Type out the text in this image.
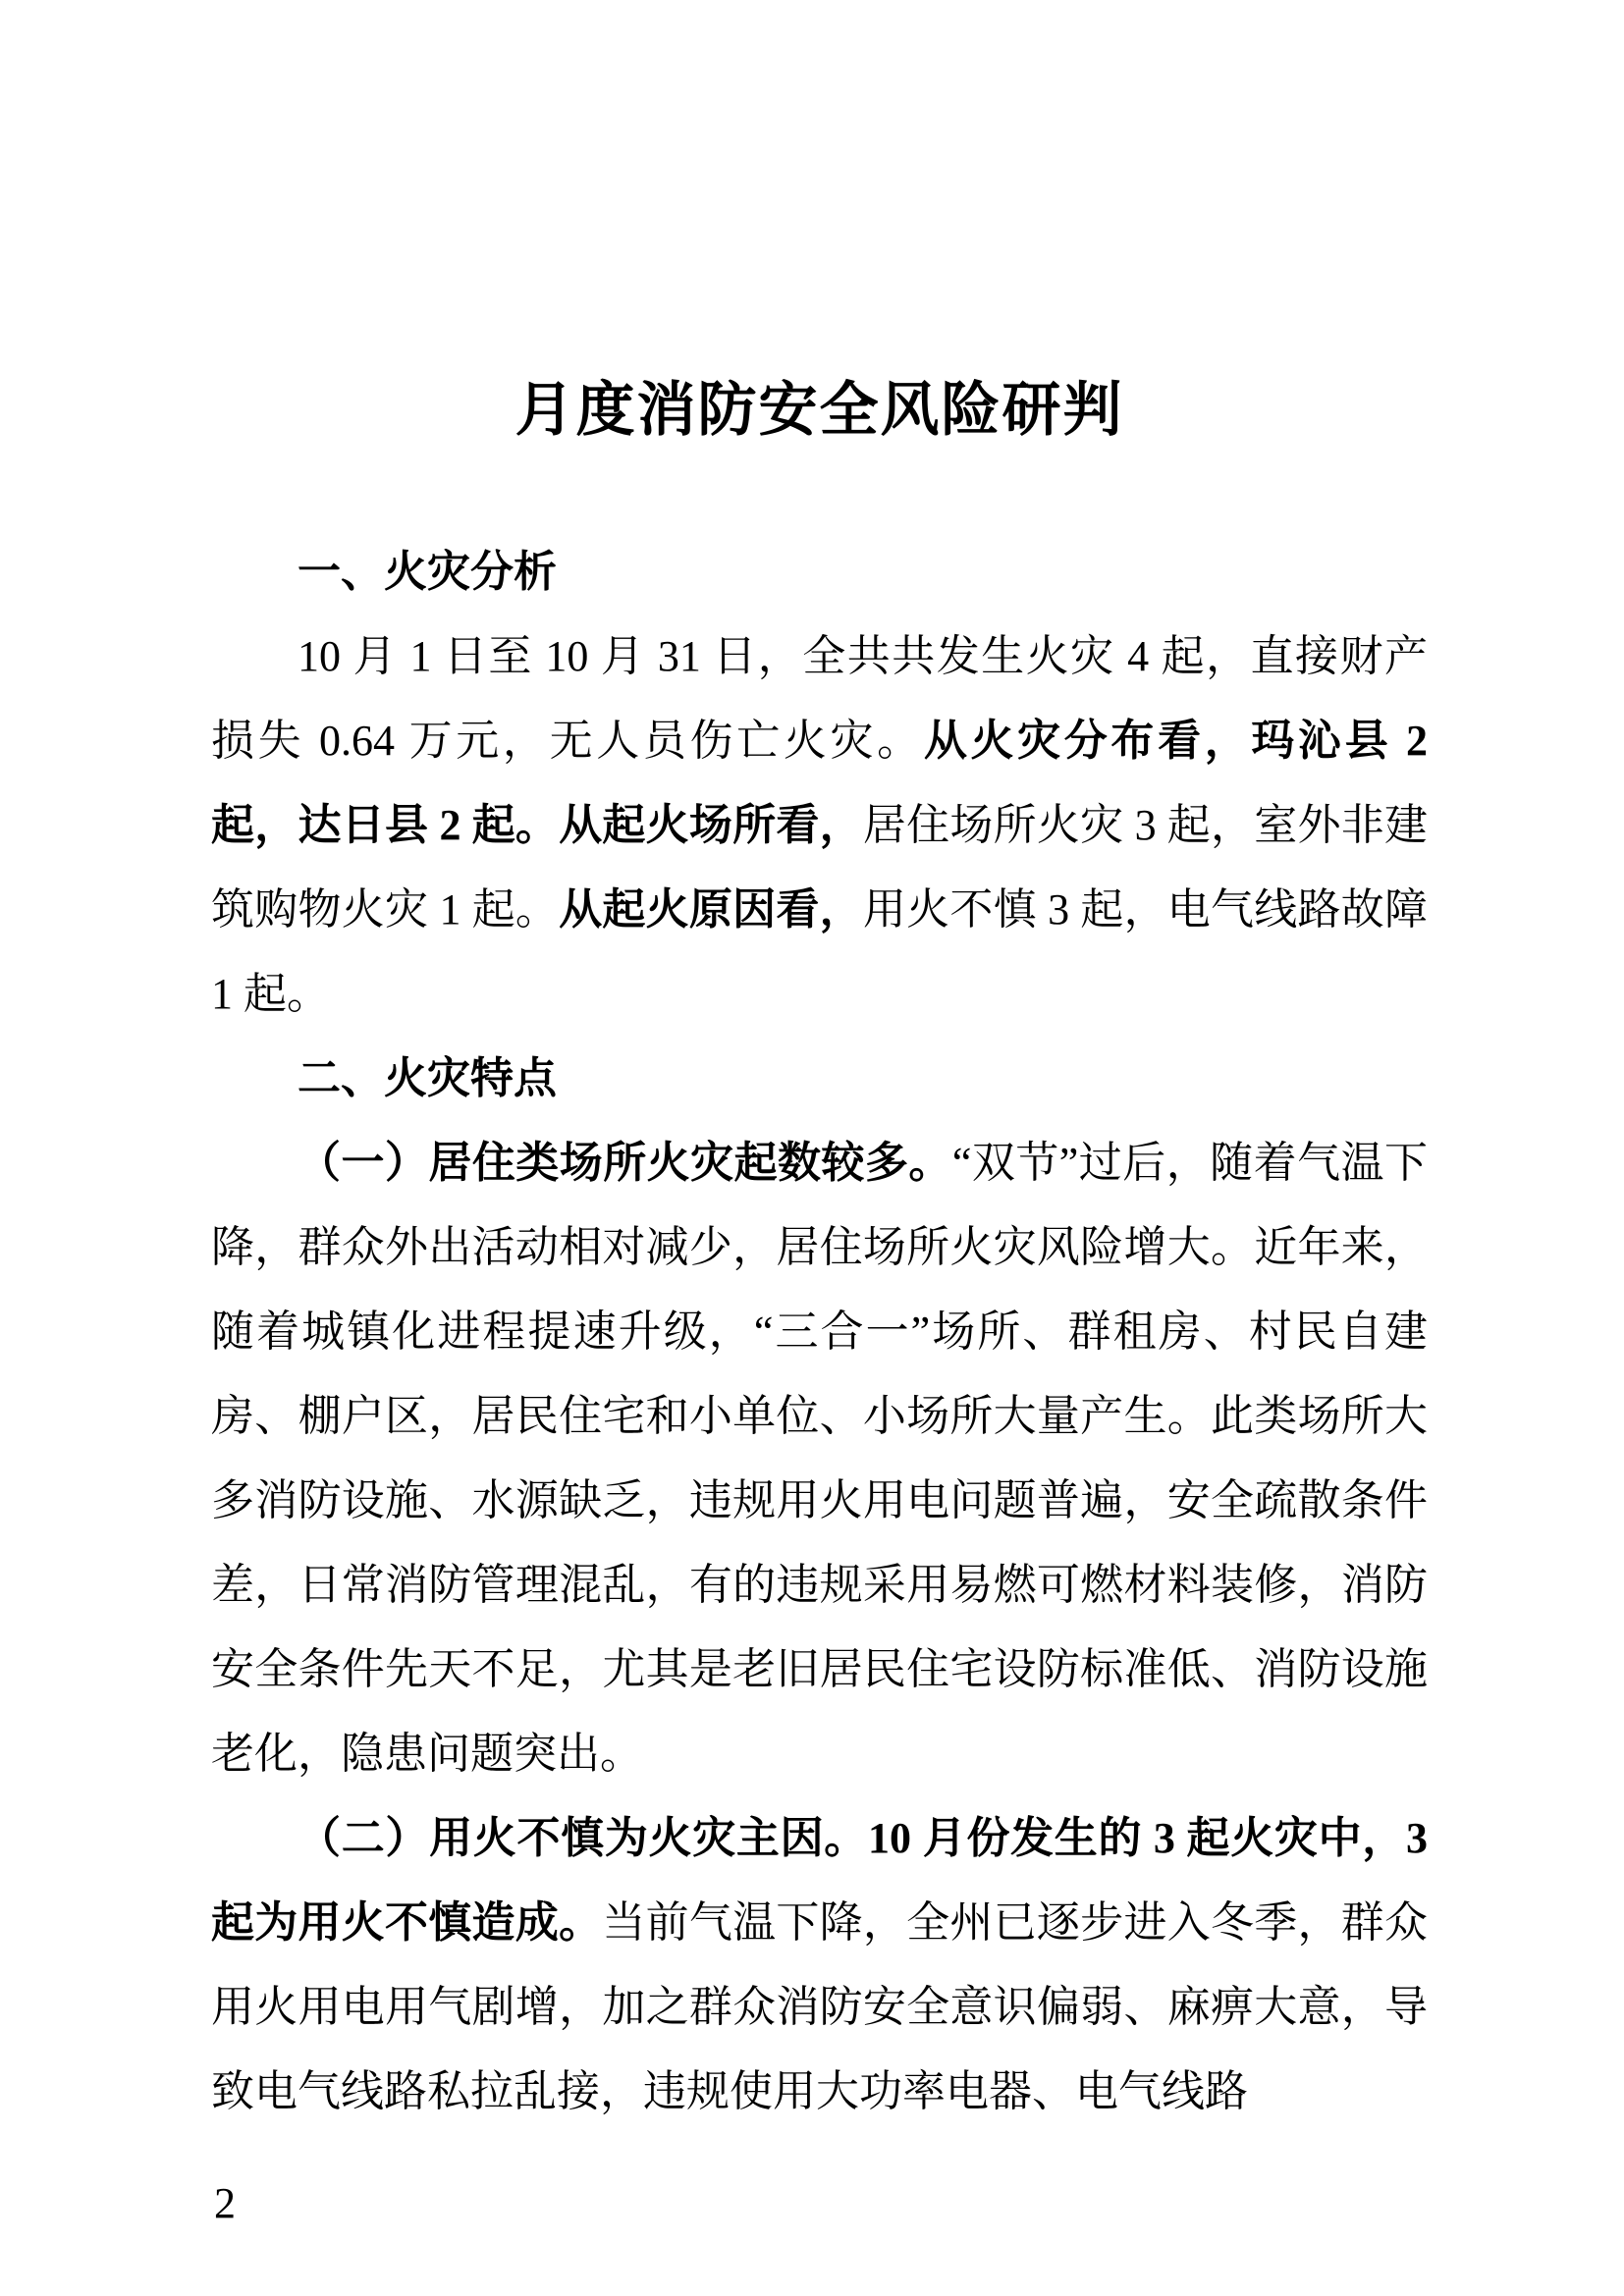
月度消防安全风险研判
一、火灾分析

10 月 1 日至 10 月 31 日，全共共发生火灾 4 起，直接财产损失 0.64 万元，无人员伤亡火灾。从火灾分布看，玛沁县 2 起，达日县 2 起。从起火场所看，居住场所火灾 3 起，室外非建筑购物火灾 1 起。从起火原因看，用火不慎 3 起，电气线路故障 1 起。

二、火灾特点

（一）居住类场所火灾起数较多。“双节”过后，随着气温下降，群众外出活动相对减少，居住场所火灾风险增大。近年来，随着城镇化进程提速升级，“三合一”场所、群租房、村民自建房、棚户区，居民住宅和小单位、小场所大量产生。此类场所大多消防设施、水源缺乏，违规用火用电问题普遍，安全疏散条件差，日常消防管理混乱，有的违规采用易燃可燃材料装修，消防安全条件先天不足，尤其是老旧居民住宅设防标准低、消防设施老化，隐患问题突出。

（二）用火不慎为火灾主因。10 月份发生的 3 起火灾中，3 起为用火不慎造成。当前气温下降，全州已逐步进入冬季，群众用火用电用气剧增，加之群众消防安全意识偏弱、麻痹大意，导致电气线路私拉乱接，违规使用大功率电器、电气线路

2
